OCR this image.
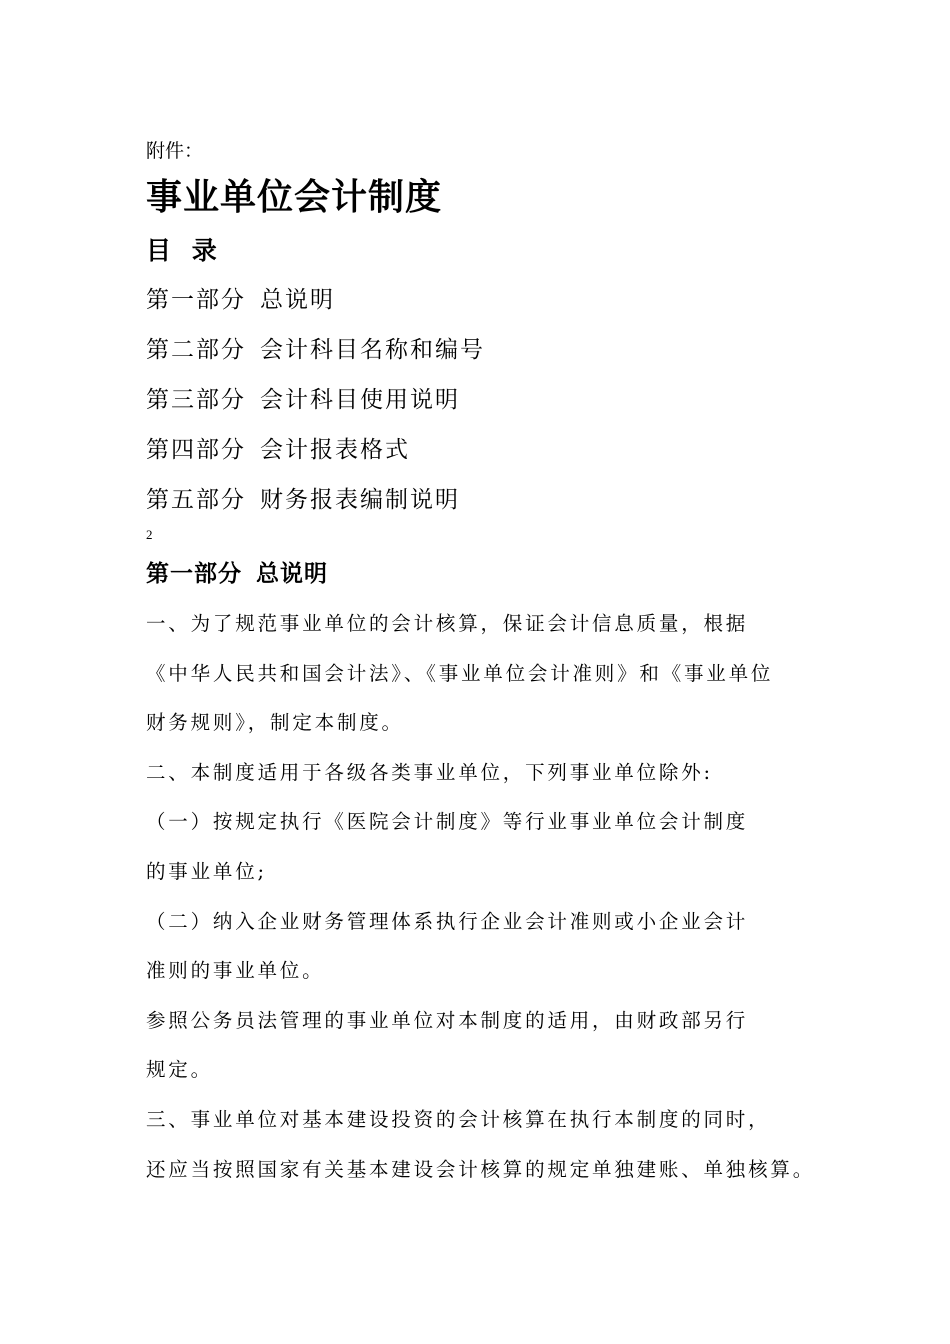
附件：
事业单位会计制度
目 录
第一部分 总说明
第二部分 会计科目名称和编号
第三部分 会计科目使用说明
第四部分 会计报表格式
第五部分 财务报表编制说明
2
第一部分 总说明

一、为了规范事业单位的会计核算，保证会计信息质量，根据

《中华人民共和国会计法》、《事业单位会计准则》和《事业单位

财务规则》，制定本制度。

二、本制度适用于各级各类事业单位，下列事业单位除外:

（一）按规定执行《医院会计制度》等行业事业单位会计制度

的事业单位;

（二）纳入企业财务管理体系执行企业会计准则或小企业会计

准则的事业单位。

参照公务员法管理的事业单位对本制度的适用，由财政部另行

规定。

三、事业单位对基本建设投资的会计核算在执行本制度的同时，

还应当按照国家有关基本建设会计核算的规定单独建账、单独核算。
